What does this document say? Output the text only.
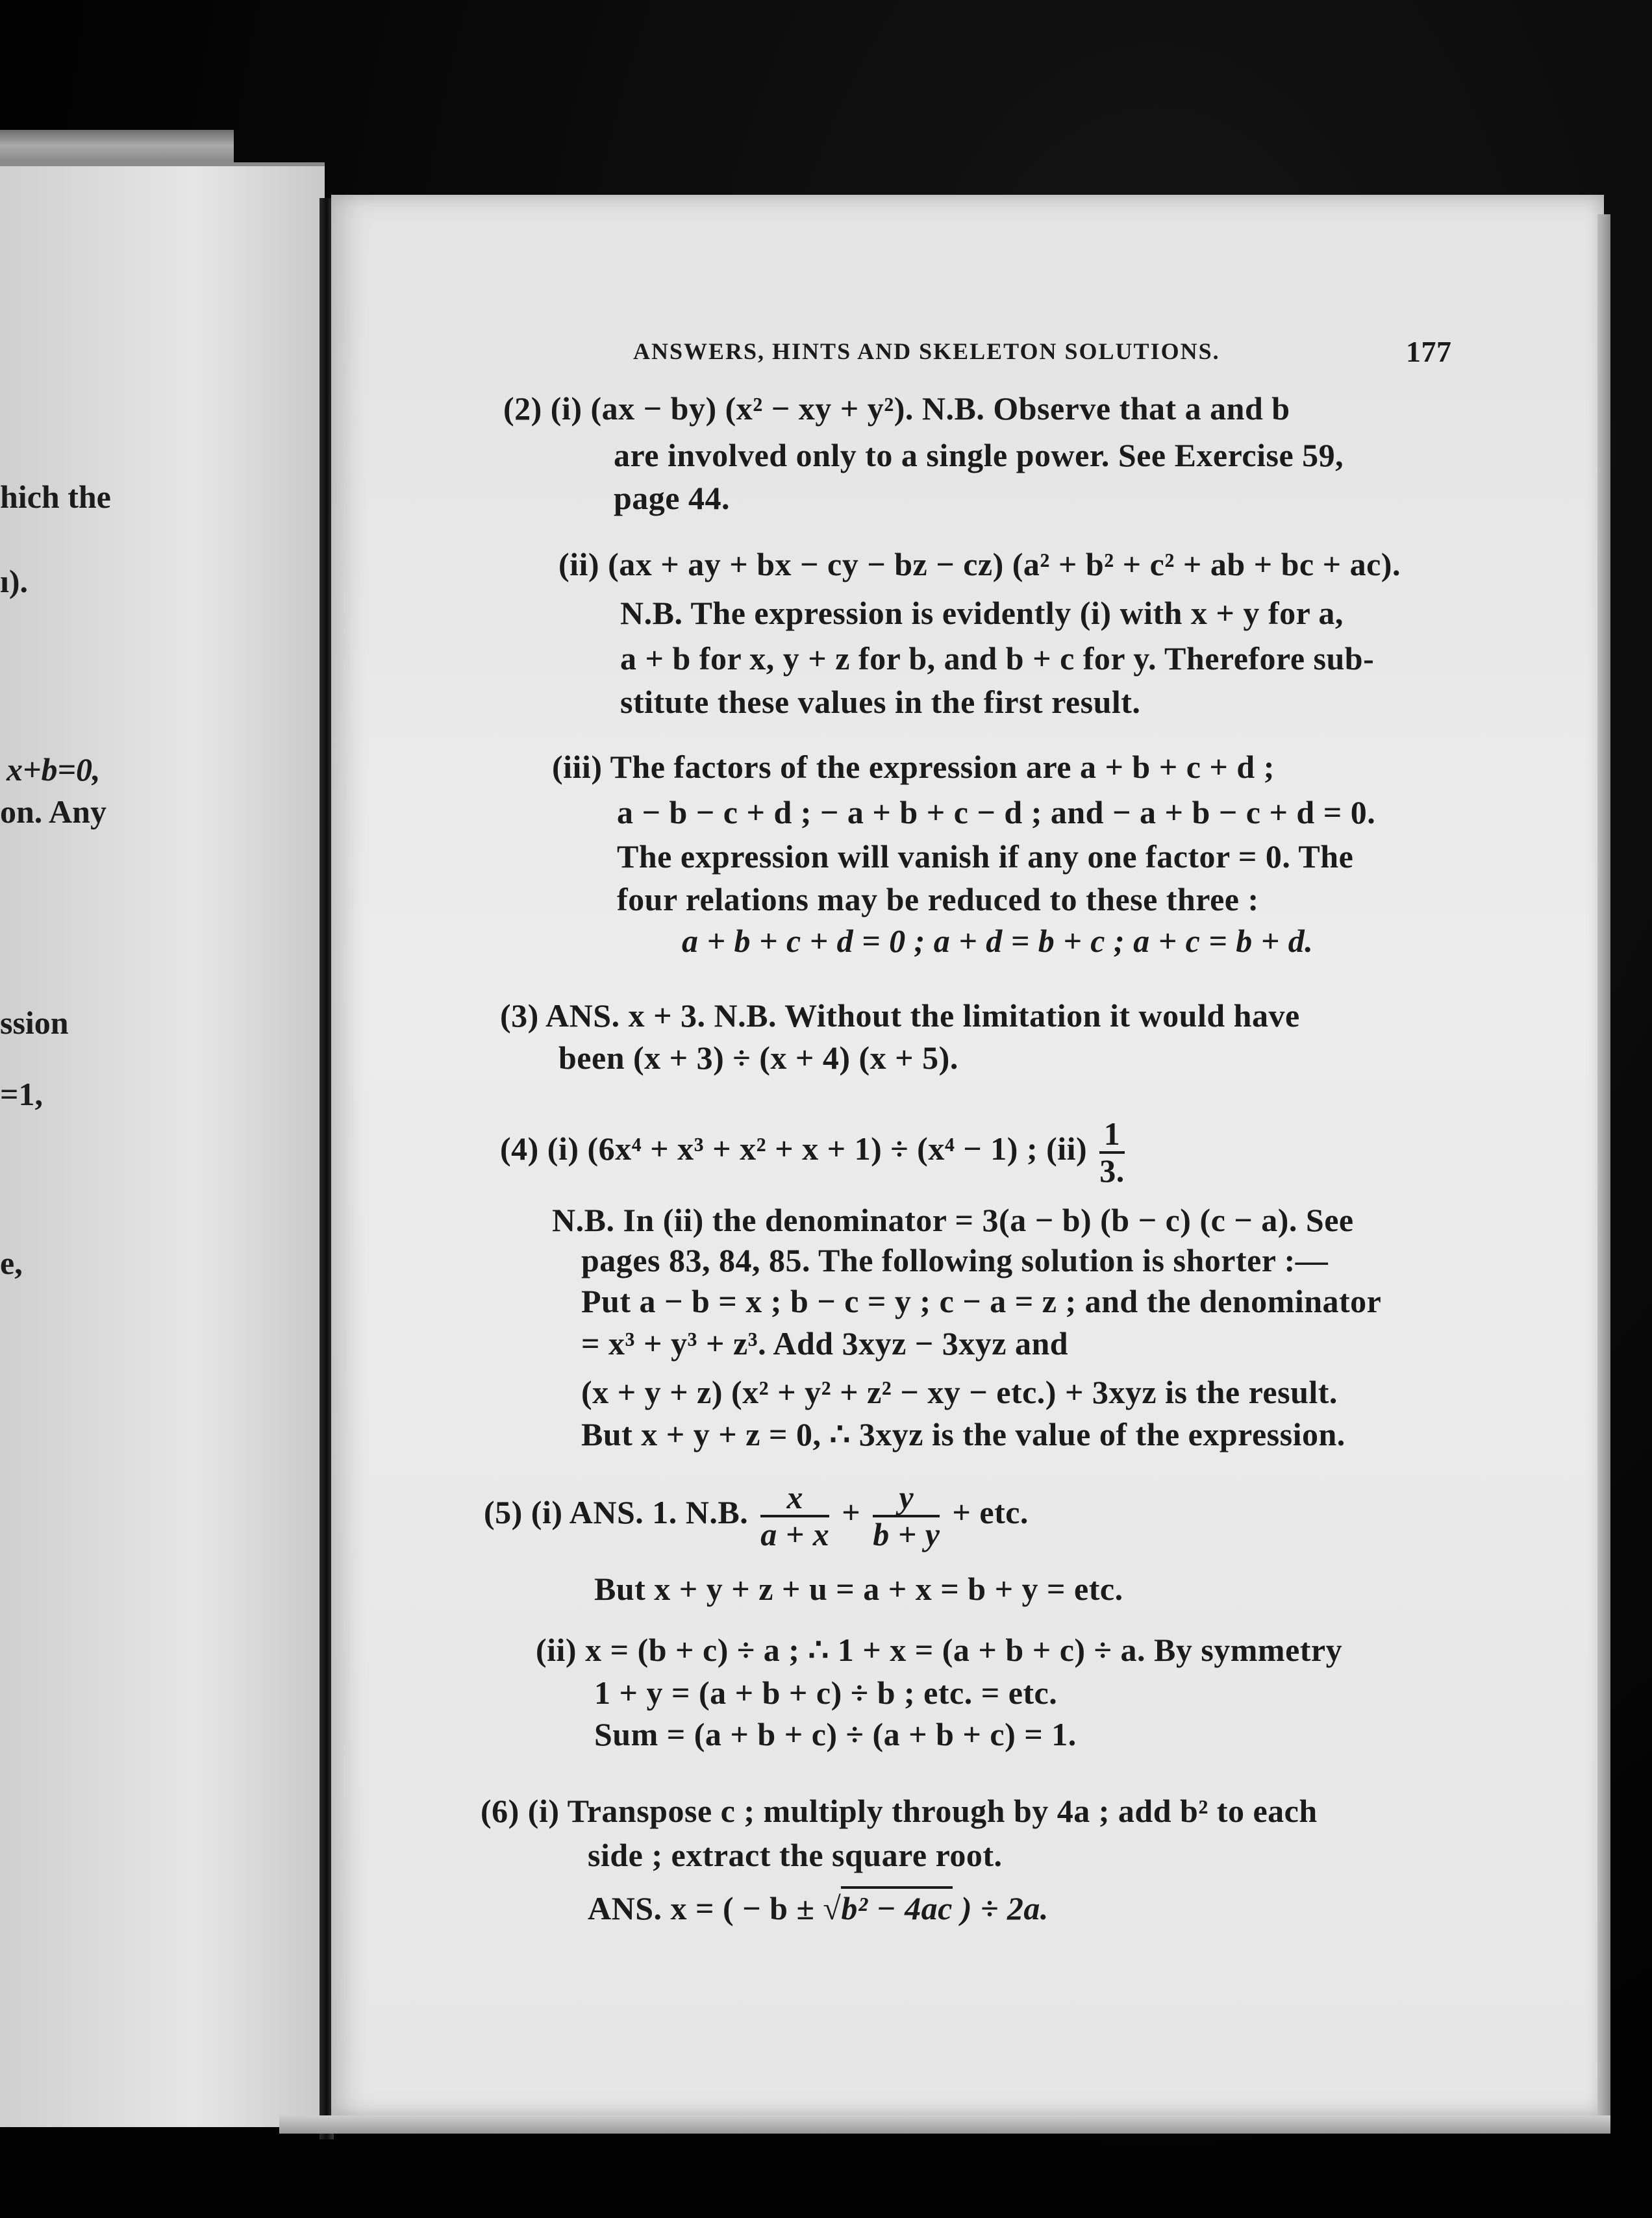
hich the
ı).
x+b=0,
on. Any
ssion
=1,
e,
ANSWERS, HINTS AND SKELETON SOLUTIONS.	177
(2) (i) (ax − by) (x² − xy + y²). N.B. Observe that a and b
are involved only to a single power. See Exercise 59,
page 44.
(ii) (ax + ay + bx − cy − bz − cz) (a² + b² + c² + ab + bc + ac).
N.B. The expression is evidently (i) with x + y for a,
a + b for x, y + z for b, and b + c for y. Therefore sub-
stitute these values in the first result.
(iii) The factors of the expression are a + b + c + d ;
a − b − c + d ; − a + b + c − d ; and − a + b − c + d = 0.
The expression will vanish if any one factor = 0. The
four relations may be reduced to these three :
a + b + c + d = 0 ; a + d = b + c ; a + c = b + d.
(3) ANS. x + 3. N.B. Without the limitation it would have
been (x + 3) ÷ (x + 4) (x + 5).
(4) (i) (6x⁴ + x³ + x² + x + 1) ÷ (x⁴ − 1) ; $(ii) \frac{1}{3.}$
N.B. In (ii) the denominator = 3(a − b) (b − c) (c − a). See
pages 83, 84, 85. The following solution is shorter :—
Put a − b = x ; b − c = y ; c − a = z ; and the denominator
= x³ + y³ + z³. Add 3xyz − 3xyz and
(x + y + z) (x² + y² + z² − xy − etc.) + 3xyz is the result.
But x + y + z = 0, ∴ 3xyz is the value of the expression.
(5) (i) ANS. 1. N.B. $\frac{x}{a + x} + \frac{y}{b + y}$ + etc.
But x + y + z + u = a + x = b + y = etc.
(ii) x = (b + c) ÷ a ; ∴ 1 + x = (a + b + c) ÷ a. By symmetry
1 + y = (a + b + c) ÷ b ; etc. = etc.
Sum = (a + b + c) ÷ (a + b + c) = 1.
(6) (i) Transpose c ; multiply through by 4a ; add b² to each
side ; extract the square root.
ANS. x = ( − b ± √b² − 4ac ) ÷ 2a.
